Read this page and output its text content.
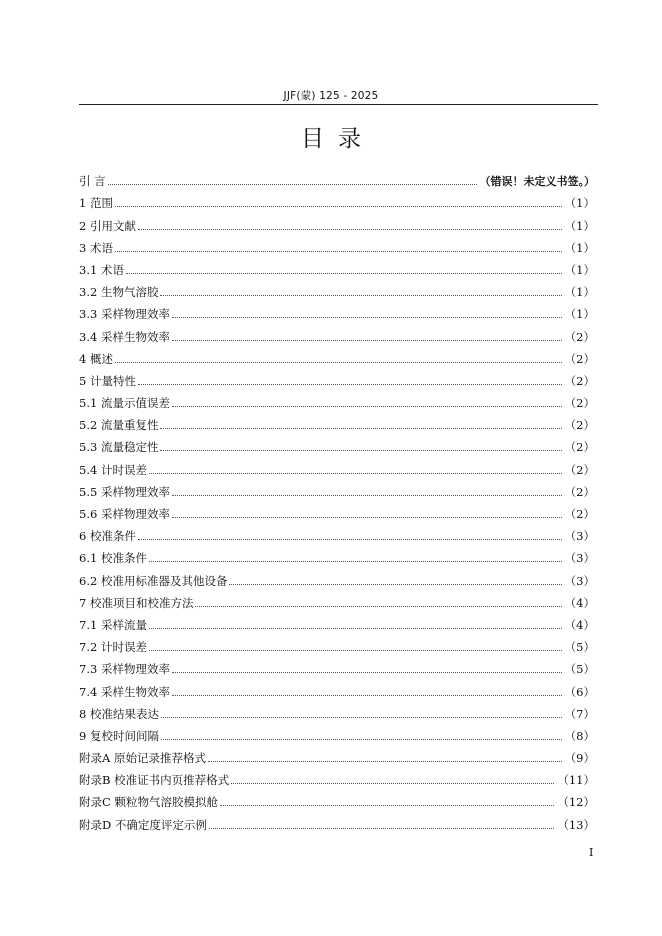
JJF(蒙) 125 - 2025
目录
引 言	（错误！未定义书签。）
1 范围	（1）
2 引用文献	（1）
3 术语	（1）
3.1 术语	（1）
3.2 生物气溶胶	（1）
3.3 采样物理效率	（1）
3.4 采样生物效率	（2）
4 概述	（2）
5 计量特性	（2）
5.1 流量示值误差	（2）
5.2 流量重复性	（2）
5.3 流量稳定性	（2）
5.4 计时误差	（2）
5.5 采样物理效率	（2）
5.6 采样物理效率	（2）
6 校准条件	（3）
6.1 校准条件	（3）
6.2 校准用标准器及其他设备	（3）
7 校准项目和校准方法	（4）
7.1 采样流量	（4）
7.2 计时误差	（5）
7.3 采样物理效率	（5）
7.4 采样生物效率	（6）
8 校准结果表达	（7）
9 复校时间间隔	（8）
附录A 原始记录推荐格式	（9）
附录B 校准证书内页推荐格式	（11）
附录C 颗粒物气溶胶模拟舱	（12）
附录D 不确定度评定示例	（13）
I
